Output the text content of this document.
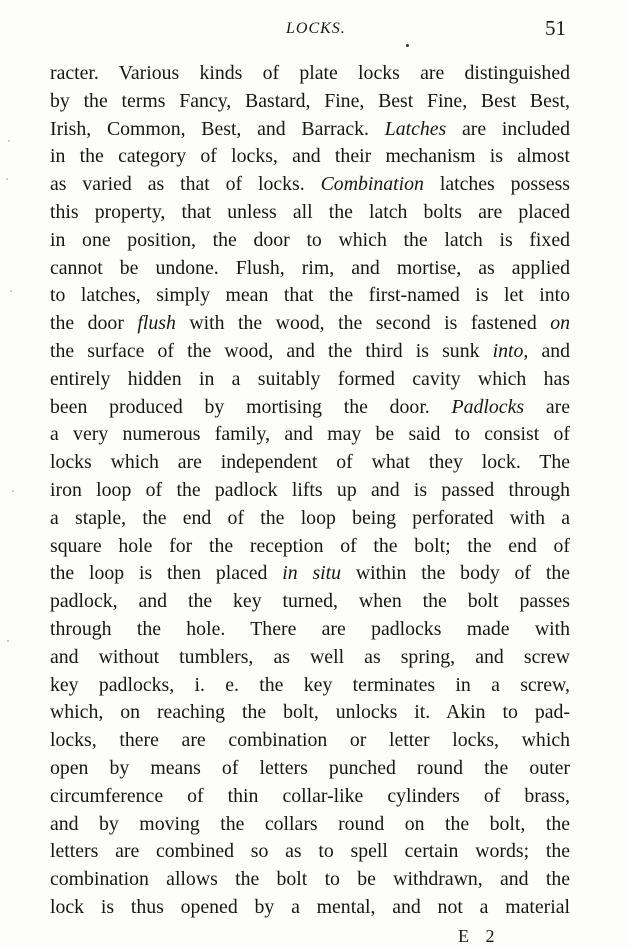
LOCKS.	51
racter. Various kinds of plate locks are distinguished
by the terms Fancy, Bastard, Fine, Best Fine, Best Best,
Irish, Common, Best, and Barrack. Latches are included
in the category of locks, and their mechanism is almost
as varied as that of locks. Combination latches possess
this property, that unless all the latch bolts are placed
in one position, the door to which the latch is fixed
cannot be undone. Flush, rim, and mortise, as applied
to latches, simply mean that the first-named is let into
the door flush with the wood, the second is fastened on
the surface of the wood, and the third is sunk into, and
entirely hidden in a suitably formed cavity which has
been produced by mortising the door. Padlocks are
a very numerous family, and may be said to consist of
locks which are independent of what they lock. The
iron loop of the padlock lifts up and is passed through
a staple, the end of the loop being perforated with a
square hole for the reception of the bolt; the end of
the loop is then placed in situ within the body of the
padlock, and the key turned, when the bolt passes
through the hole. There are padlocks made with
and without tumblers, as well as spring, and screw
key padlocks, i. e. the key terminates in a screw,
which, on reaching the bolt, unlocks it. Akin to pad-
locks, there are combination or letter locks, which
open by means of letters punched round the outer
circumference of thin collar-like cylinders of brass,
and by moving the collars round on the bolt, the
letters are combined so as to spell certain words; the
combination allows the bolt to be withdrawn, and the
lock is thus opened by a mental, and not a material
E 2
